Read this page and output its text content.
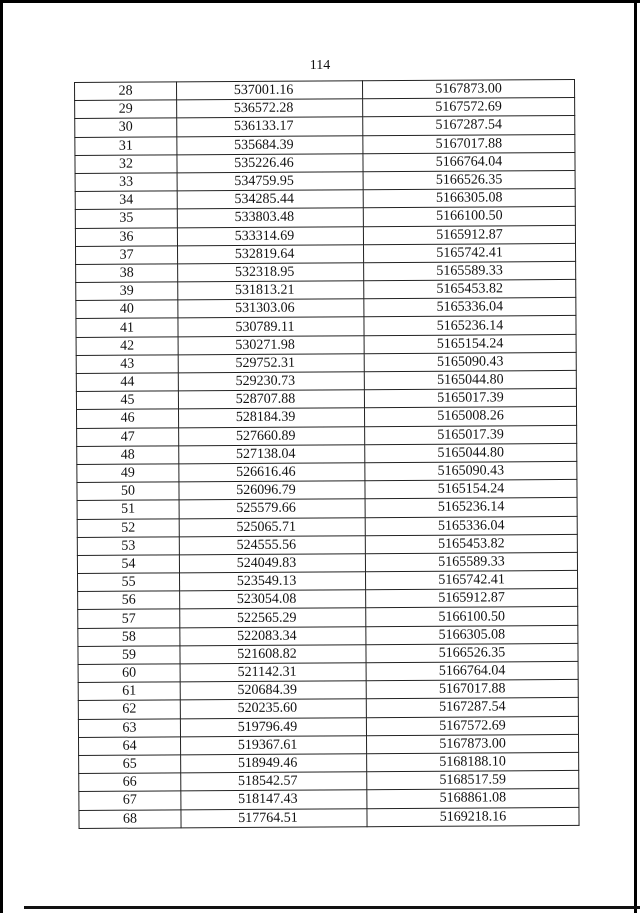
114
28	537001.16	5167873.00
29	536572.28	5167572.69
30	536133.17	5167287.54
31	535684.39	5167017.88
32	535226.46	5166764.04
33	534759.95	5166526.35
34	534285.44	5166305.08
35	533803.48	5166100.50
36	533314.69	5165912.87
37	532819.64	5165742.41
38	532318.95	5165589.33
39	531813.21	5165453.82
40	531303.06	5165336.04
41	530789.11	5165236.14
42	530271.98	5165154.24
43	529752.31	5165090.43
44	529230.73	5165044.80
45	528707.88	5165017.39
46	528184.39	5165008.26
47	527660.89	5165017.39
48	527138.04	5165044.80
49	526616.46	5165090.43
50	526096.79	5165154.24
51	525579.66	5165236.14
52	525065.71	5165336.04
53	524555.56	5165453.82
54	524049.83	5165589.33
55	523549.13	5165742.41
56	523054.08	5165912.87
57	522565.29	5166100.50
58	522083.34	5166305.08
59	521608.82	5166526.35
60	521142.31	5166764.04
61	520684.39	5167017.88
62	520235.60	5167287.54
63	519796.49	5167572.69
64	519367.61	5167873.00
65	518949.46	5168188.10
66	518542.57	5168517.59
67	518147.43	5168861.08
68	517764.51	5169218.16
